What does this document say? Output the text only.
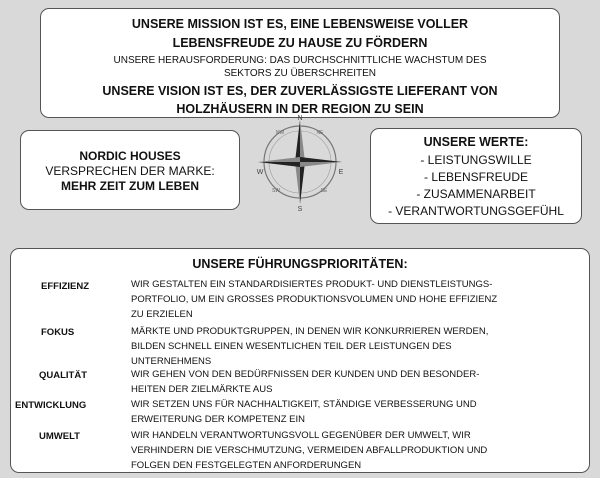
UNSERE MISSION IST ES, EINE LEBENSWEISE VOLLER
LEBENSFREUDE ZU HAUSE ZU FÖRDERN
UNSERE HERAUSFORDERUNG: DAS DURCHSCHNITTLICHE WACHSTUM DES
SEKTORS ZU ÜBERSCHREITEN
UNSERE VISION IST ES, DER ZUVERLÄSSIGSTE LIEFERANT VON
HOLZHÄUSERN IN DER REGION ZU SEIN
NORDIC HOUSES
VERSPRECHEN DER MARKE:
MEHR ZEIT ZUM LEBEN
N
E
S
W
NE
NW
SE
SW
UNSERE WERTE:
- LEISTUNGSWILLE
- LEBENSFREUDE
- ZUSAMMENARBEIT
- VERANTWORTUNGSGEFÜHL
UNSERE FÜHRUNGSPRIORITÄTEN:
EFFIZIENZ	WIR GESTALTEN EIN STANDARDISIERTES PRODUKT- UND DIENSTLEISTUNGS-
PORTFOLIO, UM EIN GROSSES PRODUKTIONSVOLUMEN UND HOHE EFFIZIENZ
ZU ERZIELEN
FOKUS	MÄRKTE UND PRODUKTGRUPPEN, IN DENEN WIR KONKURRIEREN WERDEN,
BILDEN SCHNELL EINEN WESENTLICHEN TEIL DER LEISTUNGEN DES
UNTERNEHMENS
QUALITÄT	WIR GEHEN VON DEN BEDÜRFNISSEN DER KUNDEN UND DEN BESONDER-
HEITEN DER ZIELMÄRKTE AUS
ENTWICKLUNG	WIR SETZEN UNS FÜR NACHHALTIGKEIT, STÄNDIGE VERBESSERUNG UND
ERWEITERUNG DER KOMPETENZ EIN
UMWELT	WIR HANDELN VERANTWORTUNGSVOLL GEGENÜBER DER UMWELT, WIR
VERHINDERN DIE VERSCHMUTZUNG, VERMEIDEN ABFALLPRODUKTION UND
FOLGEN DEN FESTGELEGTEN ANFORDERUNGEN
